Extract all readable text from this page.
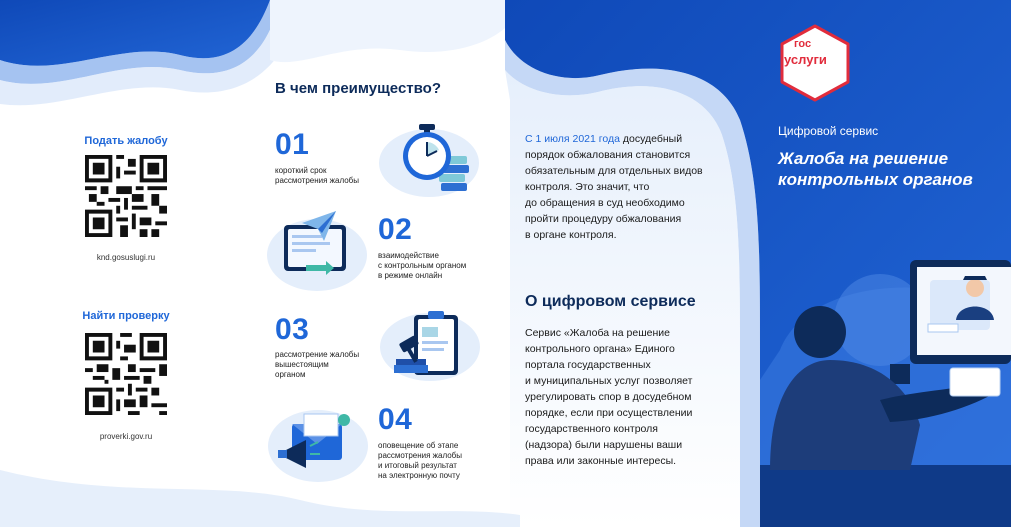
Подать жалобу
knd.gosuslugi.ru
Найти проверку
proverki.gov.ru
В чем преимущество?
01
короткий срок
рассмотрения жалобы
02
взаимодействие
с контрольным органом
в режиме онлайн
03
рассмотрение жалобы
вышестоящим
органом
04
оповещение об этапе
рассмотрения жалобы
и итоговый результат
на электронную почту
С 1 июля 2021 года досудебный
порядок обжалования становится
обязательным для отдельных видов
контроля. Это значит, что
до обращения в суд необходимо
пройти процедуру обжалования
в органе контроля.
О цифровом сервисе
Сервис «Жалоба на решение
контрольного органа» Единого
портала государственных
и муниципальных услуг позволяет
урегулировать спор в досудебном
порядке, если при осуществлении
государственного контроля
(надзора) были нарушены ваши
права или законные интересы.
гос
услуги
Цифровой сервис
Жалоба на решение
контрольных органов
